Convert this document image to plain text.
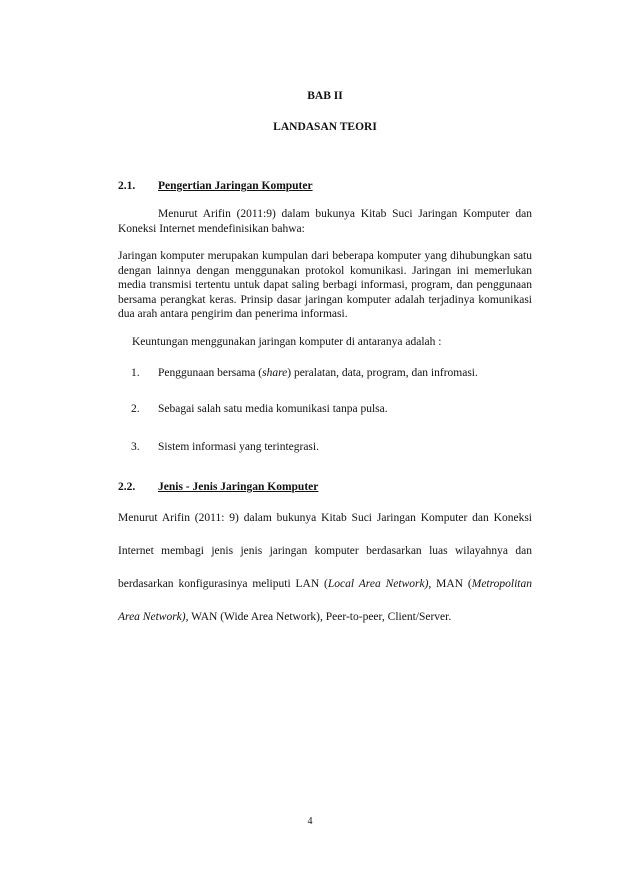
BAB II
LANDASAN TEORI
2.1. Pengertian Jaringan Komputer
Menurut Arifin (2011:9) dalam bukunya Kitab Suci Jaringan Komputer dan Koneksi Internet mendefinisikan bahwa:
Jaringan komputer merupakan kumpulan dari beberapa komputer yang dihubungkan satu dengan lainnya dengan menggunakan protokol komunikasi. Jaringan ini memerlukan media transmisi tertentu untuk dapat saling berbagi informasi, program, dan penggunaan bersama perangkat keras. Prinsip dasar jaringan komputer adalah terjadinya komunikasi dua arah antara pengirim dan penerima informasi.
Keuntungan menggunakan jaringan komputer di antaranya adalah :
1. Penggunaan bersama (share) peralatan, data, program, dan infromasi.
2. Sebagai salah satu media komunikasi tanpa pulsa.
3. Sistem informasi yang terintegrasi.
2.2. Jenis - Jenis Jaringan Komputer
Menurut Arifin (2011: 9) dalam bukunya Kitab Suci Jaringan Komputer dan Koneksi Internet membagi jenis jenis jaringan komputer berdasarkan luas wilayahnya dan berdasarkan konfigurasinya meliputi LAN (Local Area Network), MAN (Metropolitan Area Network), WAN (Wide Area Network), Peer-to-peer, Client/Server.
4
